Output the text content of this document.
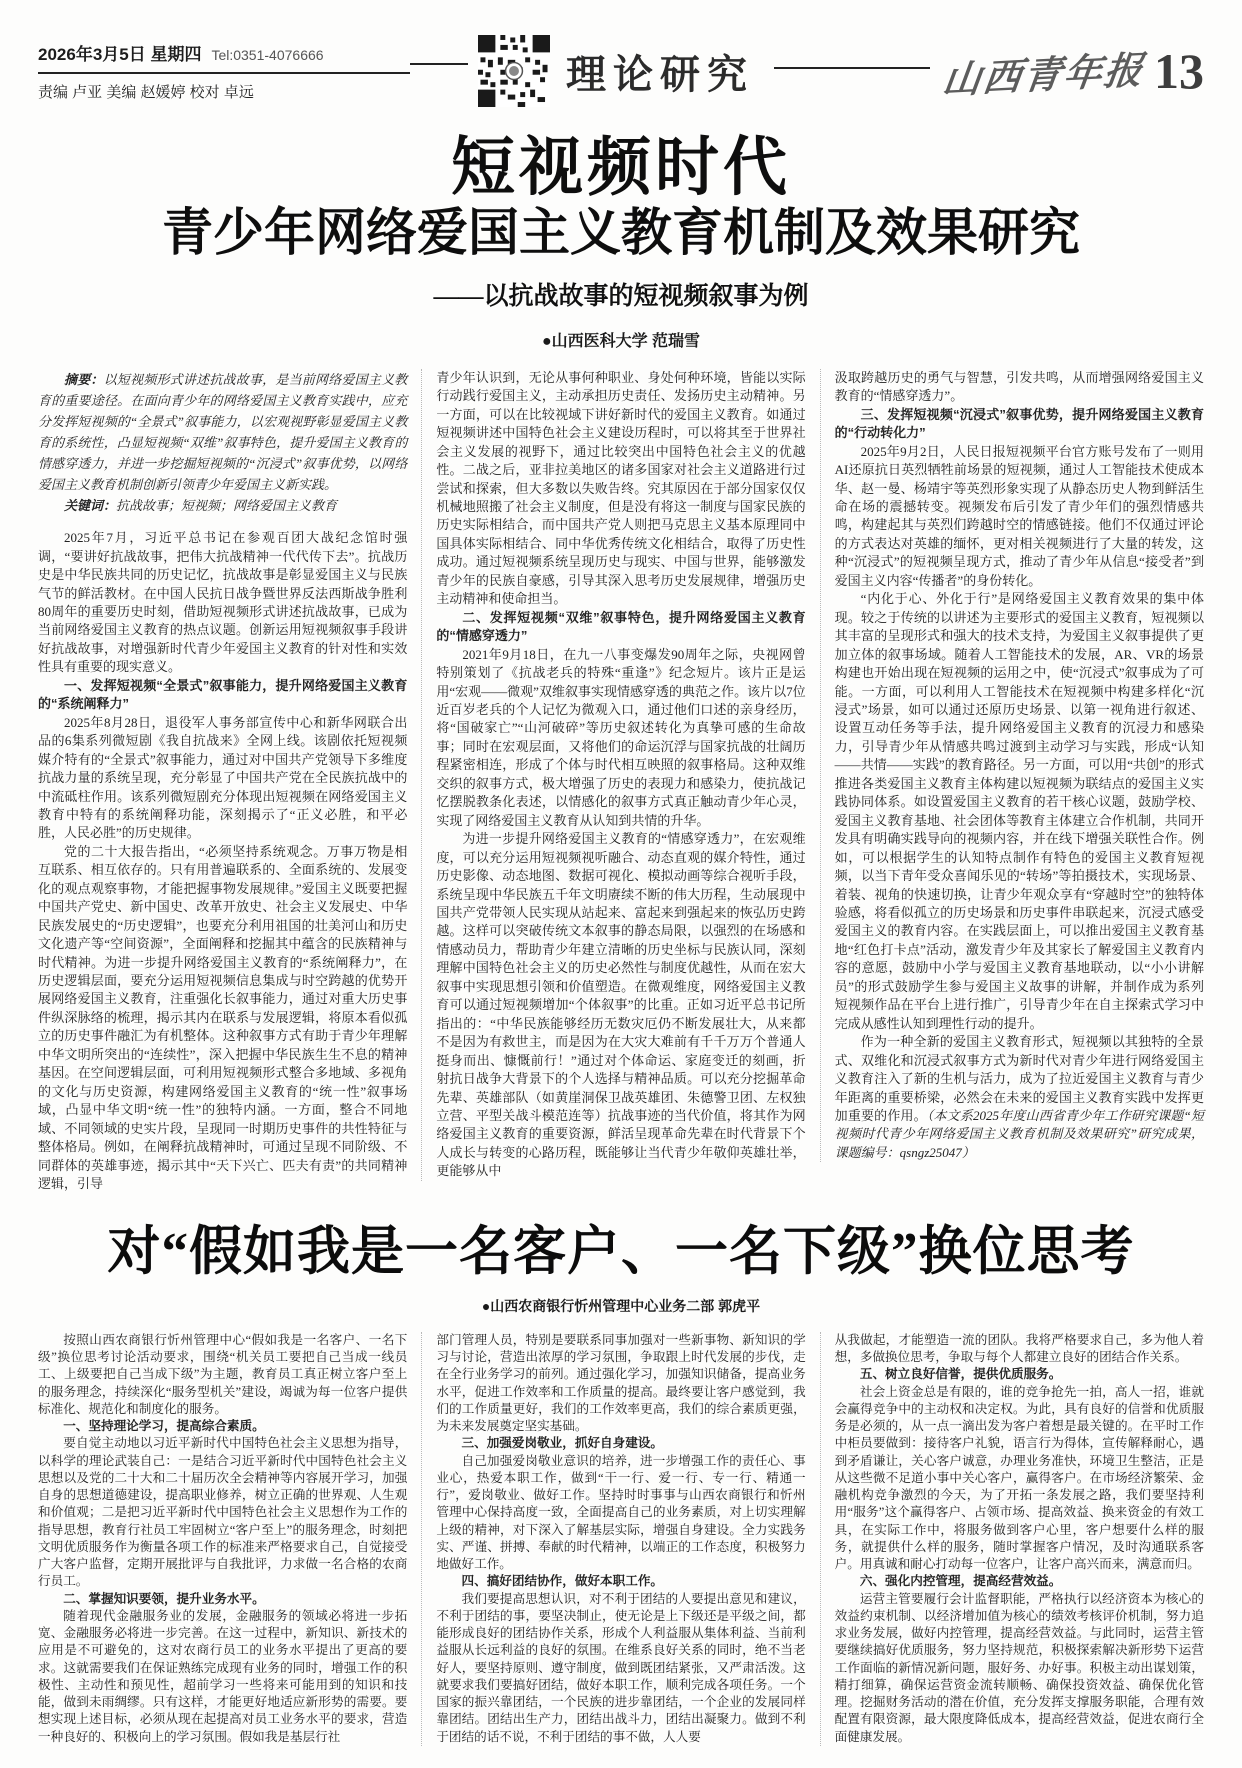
2026年3月5日 星期四 Tel:0351-4076666
责编 卢亚 美编 赵媛婷 校对 卓远	理论研究	山西青年报 13
短视频时代
青少年网络爱国主义教育机制及效果研究
——以抗战故事的短视频叙事为例
●山西医科大学 范瑞雪

摘要：以短视频形式讲述抗战故事，是当前网络爱国主义教育的重要途径。在面向青少年的网络爱国主义教育实践中，应充分发挥短视频的“全景式”叙事能力，以宏观视野彰显爱国主义教育的系统性，凸显短视频“双维”叙事特色，提升爱国主义教育的情感穿透力，并进一步挖掘短视频的“沉浸式”叙事优势，以网络爱国主义教育机制创新引领青少年爱国主义新实践。

关键词：抗战故事；短视频；网络爱国主义教育

2025年7月，习近平总书记在参观百团大战纪念馆时强调，“要讲好抗战故事，把伟大抗战精神一代代传下去”。抗战历史是中华民族共同的历史记忆，抗战故事是彰显爱国主义与民族气节的鲜活教材。在中国人民抗日战争暨世界反法西斯战争胜利80周年的重要历史时刻，借助短视频形式讲述抗战故事，已成为当前网络爱国主义教育的热点议题。创新运用短视频叙事手段讲好抗战故事，对增强新时代青少年爱国主义教育的针对性和实效性具有重要的现实意义。

一、发挥短视频“全景式”叙事能力，提升网络爱国主义教育的“系统阐释力”

2025年8月28日，退役军人事务部宣传中心和新华网联合出品的6集系列微短剧《我自抗战来》全网上线。该剧依托短视频媒介特有的“全景式”叙事能力，通过对中国共产党领导下多维度抗战力量的系统呈现，充分彰显了中国共产党在全民族抗战中的中流砥柱作用。该系列微短剧充分体现出短视频在网络爱国主义教育中特有的系统阐释功能，深刻揭示了“正义必胜，和平必胜，人民必胜”的历史规律。

党的二十大报告指出，“必须坚持系统观念。万事万物是相互联系、相互依存的。只有用普遍联系的、全面系统的、发展变化的观点观察事物，才能把握事物发展规律。”爱国主义既要把握中国共产党史、新中国史、改革开放史、社会主义发展史、中华民族发展史的“历史逻辑”，也要充分利用祖国的壮美河山和历史文化遗产等“空间资源”，全面阐释和挖掘其中蕴含的民族精神与时代精神。为进一步提升网络爱国主义教育的“系统阐释力”，在历史逻辑层面，要充分运用短视频信息集成与时空跨越的优势开展网络爱国主义教育，注重强化长叙事能力，通过对重大历史事件纵深脉络的梳理，揭示其内在联系与发展逻辑，将原本看似孤立的历史事件融汇为有机整体。这种叙事方式有助于青少年理解中华文明所突出的“连续性”，深入把握中华民族生生不息的精神基因。在空间逻辑层面，可利用短视频形式整合多地域、多视角的文化与历史资源，构建网络爱国主义教育的“统一性”叙事场域，凸显中华文明“统一性”的独特内涵。一方面，整合不同地域、不同领域的史实片段，呈现同一时期历史事件的共性特征与整体格局。例如，在阐释抗战精神时，可通过呈现不同阶级、不同群体的英雄事迹，揭示其中“天下兴亡、匹夫有责”的共同精神逻辑，引导

青少年认识到，无论从事何种职业、身处何种环境，皆能以实际行动践行爱国主义，主动承担历史责任、发扬历史主动精神。另一方面，可以在比较视域下讲好新时代的爱国主义教育。如通过短视频讲述中国特色社会主义建设历程时，可以将其至于世界社会主义发展的视野下，通过比较突出中国特色社会主义的优越性。二战之后，亚非拉美地区的诸多国家对社会主义道路进行过尝试和探索，但大多数以失败告终。究其原因在于部分国家仅仅机械地照搬了社会主义制度，但是没有将这一制度与国家民族的历史实际相结合，而中国共产党人则把马克思主义基本原理同中国具体实际相结合、同中华优秀传统文化相结合，取得了历史性成功。通过短视频系统呈现历史与现实、中国与世界，能够激发青少年的民族自豪感，引导其深入思考历史发展规律，增强历史主动精神和使命担当。

二、发挥短视频“双维”叙事特色，提升网络爱国主义教育的“情感穿透力”

2021年9月18日，在九一八事变爆发90周年之际，央视网曾特别策划了《抗战老兵的特殊“重逢”》纪念短片。该片正是运用“宏观——微观”双维叙事实现情感穿透的典范之作。该片以7位近百岁老兵的个人记忆为微观入口，通过他们口述的亲身经历，将“国破家亡”“山河破碎”等历史叙述转化为真挚可感的生命故事；同时在宏观层面，又将他们的命运沉浮与国家抗战的壮阔历程紧密相连，形成了个体与时代相互映照的叙事格局。这种双维交织的叙事方式，极大增强了历史的表现力和感染力，使抗战记忆摆脱教条化表述，以情感化的叙事方式真正触动青少年心灵，实现了网络爱国主义教育从认知到共情的升华。

为进一步提升网络爱国主义教育的“情感穿透力”，在宏观维度，可以充分运用短视频视听融合、动态直观的媒介特性，通过历史影像、动态地图、数据可视化、模拟动画等综合视听手段，系统呈现中华民族五千年文明赓续不断的伟大历程，生动展现中国共产党带领人民实现从站起来、富起来到强起来的恢弘历史跨越。这样可以突破传统文本叙事的静态局限，以强烈的在场感和情感动员力，帮助青少年建立清晰的历史坐标与民族认同，深刻理解中国特色社会主义的历史必然性与制度优越性，从而在宏大叙事中实现思想引领和价值塑造。在微观维度，网络爱国主义教育可以通过短视频增加“个体叙事”的比重。正如习近平总书记所指出的：“中华民族能够经历无数灾厄仍不断发展壮大，从来都不是因为有救世主，而是因为在大灾大难前有千千万万个普通人挺身而出、慷慨前行！”通过对个体命运、家庭变迁的刻画，折射抗日战争大背景下的个人选择与精神品质。可以充分挖掘革命先辈、英雄部队（如黄崖洞保卫战英雄团、朱德警卫团、左权独立营、平型关战斗模范连等）抗战事迹的当代价值，将其作为网络爱国主义教育的重要资源，鲜活呈现革命先辈在时代背景下个人成长与转变的心路历程，既能够让当代青少年敬仰英雄壮举，更能够从中

汲取跨越历史的勇气与智慧，引发共鸣，从而增强网络爱国主义教育的“情感穿透力”。

三、发挥短视频“沉浸式”叙事优势，提升网络爱国主义教育的“行动转化力”

2025年9月2日，人民日报短视频平台官方账号发布了一则用AI还原抗日英烈牺牲前场景的短视频，通过人工智能技术使成本华、赵一曼、杨靖宇等英烈形象实现了从静态历史人物到鲜活生命在场的震撼转变。视频发布后引发了青少年们的强烈情感共鸣，构建起其与英烈们跨越时空的情感链接。他们不仅通过评论的方式表达对英雄的缅怀，更对相关视频进行了大量的转发，这种“沉浸式”的短视频呈现方式，推动了青少年从信息“接受者”到爱国主义内容“传播者”的身份转化。

“内化于心、外化于行”是网络爱国主义教育效果的集中体现。较之于传统的以讲述为主要形式的爱国主义教育，短视频以其丰富的呈现形式和强大的技术支持，为爱国主义叙事提供了更加立体的叙事场域。随着人工智能技术的发展，AR、VR的场景构建也开始出现在短视频的运用之中，使“沉浸式”叙事成为了可能。一方面，可以利用人工智能技术在短视频中构建多样化“沉浸式”场景，如可以通过还原历史场景、以第一视角进行叙述、设置互动任务等手法，提升网络爱国主义教育的沉浸力和感染力，引导青少年从情感共鸣过渡到主动学习与实践，形成“认知——共情——实践”的教育路径。另一方面，可以用“共创”的形式推进各类爱国主义教育主体构建以短视频为联结点的爱国主义实践协同体系。如设置爱国主义教育的若干核心议题，鼓励学校、爱国主义教育基地、社会团体等教育主体建立合作机制，共同开发具有明确实践导向的视频内容，并在线下增强关联性合作。例如，可以根据学生的认知特点制作有特色的爱国主义教育短视频，以当下青年受众喜闻乐见的“转场”等拍摄技术，实现场景、着装、视角的快速切换，让青少年观众享有“穿越时空”的独特体验感，将看似孤立的历史场景和历史事件串联起来，沉浸式感受爱国主义的教育内容。在实践层面上，可以推出爱国主义教育基地“红色打卡点”活动，激发青少年及其家长了解爱国主义教育内容的意愿，鼓励中小学与爱国主义教育基地联动，以“小小讲解员”的形式鼓励学生参与爱国主义故事的讲解，并制作成为系列短视频作品在平台上进行推广，引导青少年在自主探索式学习中完成从感性认知到理性行动的提升。

作为一种全新的爱国主义教育形式，短视频以其独特的全景式、双维化和沉浸式叙事方式为新时代对青少年进行网络爱国主义教育注入了新的生机与活力，成为了拉近爱国主义教育与青少年距离的重要桥梁，必然会在未来的爱国主义教育实践中发挥更加重要的作用。（本文系2025年度山西省青少年工作研究课题“短视频时代青少年网络爱国主义教育机制及效果研究”研究成果，课题编号：qsngz25047）

对“假如我是一名客户、一名下级”换位思考
●山西农商银行忻州管理中心业务二部 郭虎平

按照山西农商银行忻州管理中心“假如我是一名客户、一名下级”换位思考讨论活动要求，围绕“机关员工要把自己当成一线员工、上级要把自己当成下级”为主题，教育员工真正树立客户至上的服务理念，持续深化“服务型机关”建设，竭诚为每一位客户提供标准化、规范化和制度化的服务。

一、坚持理论学习，提高综合素质。

要自觉主动地以习近平新时代中国特色社会主义思想为指导，以科学的理论武装自己：一是结合习近平新时代中国特色社会主义思想以及党的二十大和二十届历次全会精神等内容展开学习，加强自身的思想道德建设，提高职业修养，树立正确的世界观、人生观和价值观；二是把习近平新时代中国特色社会主义思想作为工作的指导思想，教育行社员工牢固树立“客户至上”的服务理念，时刻把文明优质服务作为衡量各项工作的标准来严格要求自己，自觉接受广大客户监督，定期开展批评与自我批评，力求做一名合格的农商行员工。

二、掌握知识要领，提升业务水平。

随着现代金融服务业的发展，金融服务的领域必将进一步拓宽、金融服务必将进一步完善。在这一过程中，新知识、新技术的应用是不可避免的，这对农商行员工的业务水平提出了更高的要求。这就需要我们在保证熟练完成现有业务的同时，增强工作的积极性、主动性和预见性，超前学习一些将来可能用到的知识和技能，做到未雨绸缪。只有这样，才能更好地适应新形势的需要。要想实现上述目标，必须从现在起提高对员工业务水平的要求，营造一种良好的、积极向上的学习氛围。假如我是基层行社

部门管理人员，特别是要联系同事加强对一些新事物、新知识的学习与讨论，营造出浓厚的学习氛围，争取跟上时代发展的步伐，走在全行业务学习的前列。通过强化学习，加强知识储备，提高业务水平，促进工作效率和工作质量的提高。最终要让客户感觉到，我们的工作质量更好，我们的工作效率更高，我们的综合素质更强，为未来发展奠定坚实基础。

三、加强爱岗敬业，抓好自身建设。

自己加强爱岗敬业意识的培养，进一步增强工作的责任心、事业心，热爱本职工作，做到“干一行、爱一行、专一行、精通一行”，爱岗敬业、做好工作。坚持时时事事与山西农商银行和忻州管理中心保持高度一致，全面提高自己的业务素质，对上切实理解上级的精神，对下深入了解基层实际，增强自身建设。全力实践务实、严谨、拼搏、奉献的时代精神，以端正的工作态度，积极努力地做好工作。

四、搞好团结协作，做好本职工作。

我们要提高思想认识，对不利于团结的人要提出意见和建议，不利于团结的事，要坚决制止，使无论是上下级还是平级之间，都能形成良好的团结协作关系，形成个人利益服从集体利益、当前利益服从长远利益的良好的氛围。在维系良好关系的同时，绝不当老好人，要坚持原则、遵守制度，做到既团结紧张，又严肃活泼。这就要求我们要搞好团结，做好本职工作，顺利完成各项任务。一个国家的振兴靠团结，一个民族的进步靠团结，一个企业的发展同样靠团结。团结出生产力，团结出战斗力，团结出凝聚力。做到不利于团结的话不说，不利于团结的事不做，人人要

从我做起，才能塑造一流的团队。我将严格要求自己，多为他人着想，多做换位思考，争取与每个人都建立良好的团结合作关系。

五、树立良好信誉，提供优质服务。

社会上资金总是有限的，谁的竞争抢先一拍，高人一招，谁就会赢得竞争中的主动权和决定权。为此，具有良好的信誉和优质服务是必须的，从一点一滴出发为客户着想是最关键的。在平时工作中柜员要做到：接待客户礼貌，语言行为得体，宣传解释耐心，遇到矛盾谦让，关心客户诚意，办理业务准快，环境卫生整洁，正是从这些微不足道小事中关心客户，赢得客户。在市场经济繁荣、金融机构竞争激烈的今天，为了开拓一条发展之路，我们要坚持利用“服务”这个赢得客户、占领市场、提高效益、换来资金的有效工具，在实际工作中，将服务做到客户心里，客户想要什么样的服务，就提供什么样的服务，随时掌握客户情况，及时沟通联系客户。用真诚和耐心打动每一位客户，让客户高兴而来，满意而归。

六、强化内控管理，提高经营效益。

运营主管要履行会计监督职能，严格执行以经济资本为核心的效益约束机制、以经济增加值为核心的绩效考核评价机制，努力追求业务发展，做好内控管理，提高经营效益。与此同时，运营主管要继续搞好优质服务，努力坚持规范，积极探索解决新形势下运营工作面临的新情况新问题，服好务、办好事。积极主动出谋划策，精打细算，确保运营资金流转顺畅、确保投资效益、确保优化管理。挖掘财务活动的潜在价值，充分发挥支撑服务职能，合理有效配置有限资源，最大限度降低成本，提高经营效益，促进农商行全面健康发展。
